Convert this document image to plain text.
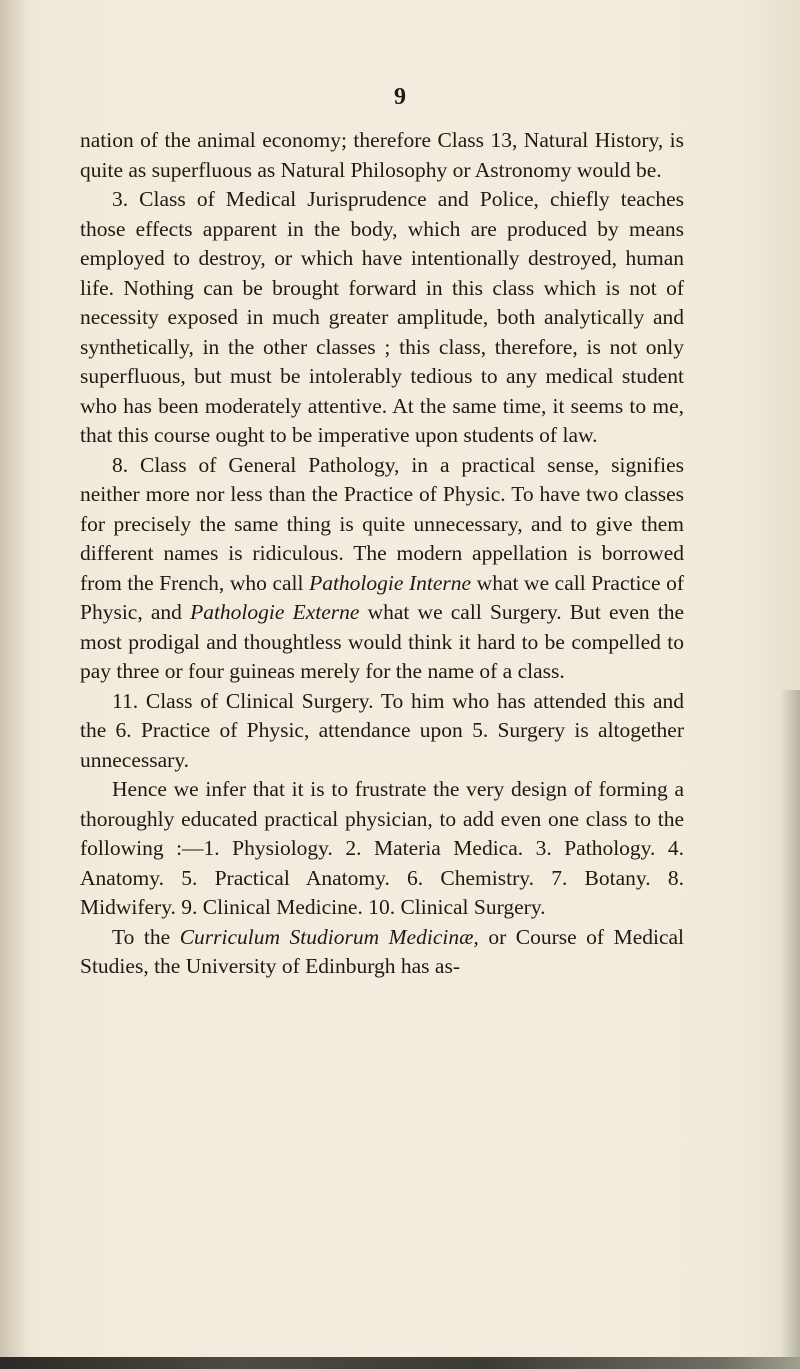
9

nation of the animal economy; therefore Class 13, Natural History, is quite as superfluous as Natural Philosophy or Astronomy would be.

3. Class of Medical Jurisprudence and Police, chiefly teaches those effects apparent in the body, which are produced by means employed to destroy, or which have intentionally destroyed, human life. Nothing can be brought forward in this class which is not of necessity exposed in much greater amplitude, both analytically and synthetically, in the other classes ; this class, therefore, is not only superfluous, but must be intolerably tedious to any medical student who has been moderately attentive. At the same time, it seems to me, that this course ought to be imperative upon students of law.

8. Class of General Pathology, in a practical sense, signifies neither more nor less than the Practice of Physic. To have two classes for precisely the same thing is quite unnecessary, and to give them different names is ridiculous. The modern appellation is borrowed from the French, who call Pathologie Interne what we call Practice of Physic, and Pathologie Externe what we call Surgery. But even the most prodigal and thoughtless would think it hard to be compelled to pay three or four guineas merely for the name of a class.

11. Class of Clinical Surgery. To him who has attended this and the 6. Practice of Physic, attendance upon 5. Surgery is altogether unnecessary.

Hence we infer that it is to frustrate the very design of forming a thoroughly educated practical physician, to add even one class to the following :—1. Physiology. 2. Materia Medica. 3. Pathology. 4. Anatomy. 5. Practical Anatomy. 6. Chemistry. 7. Botany. 8. Midwifery. 9. Clinical Medicine. 10. Clinical Surgery.

To the Curriculum Studiorum Medicinæ, or Course of Medical Studies, the University of Edinburgh has as-
